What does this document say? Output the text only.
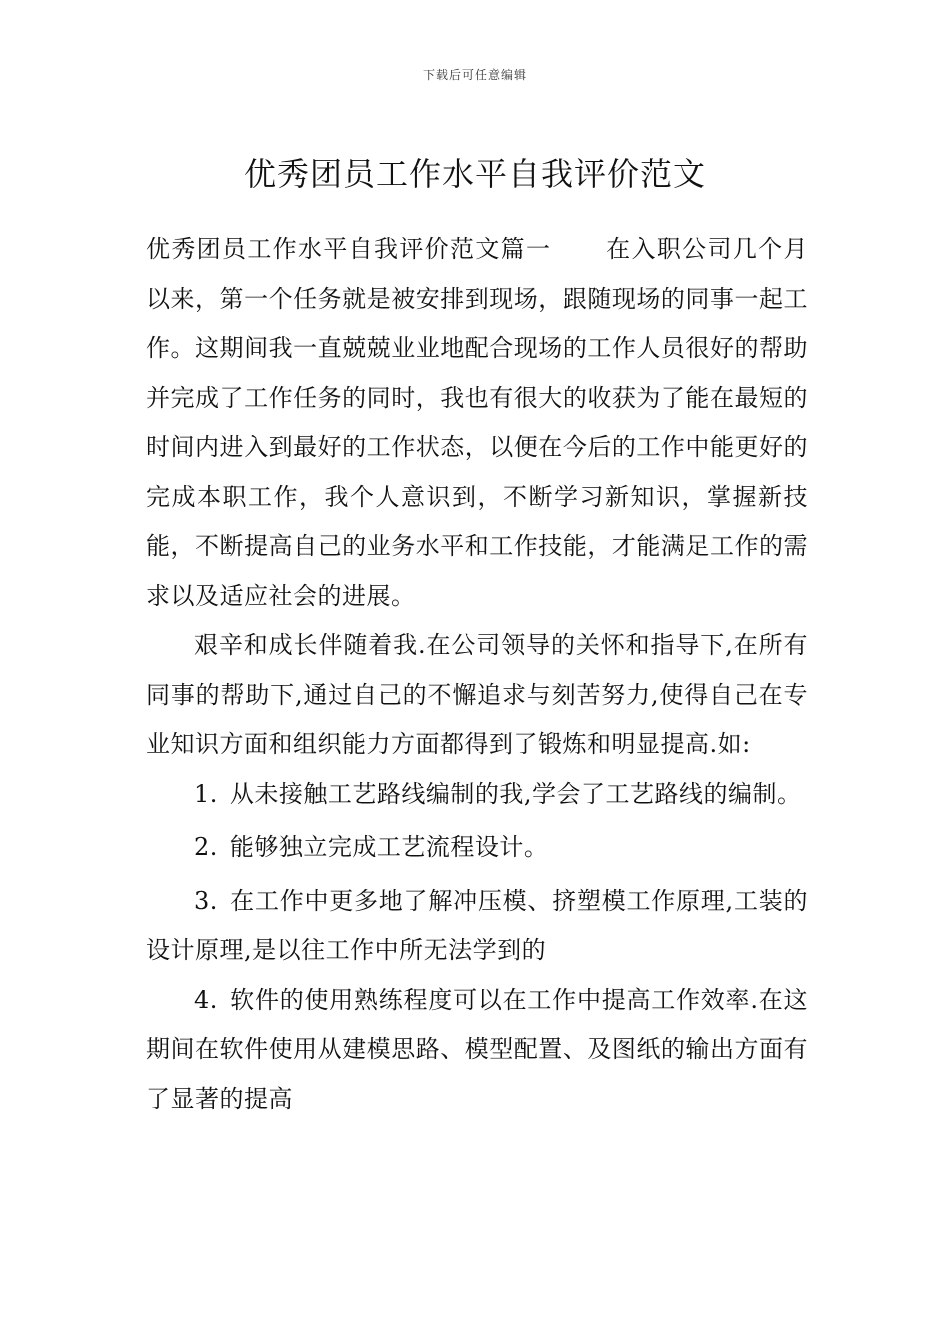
下载后可任意编辑
优秀团员工作水平自我评价范文

优秀团员工作水平自我评价范文篇一 在入职公司几个月以来，第一个任务就是被安排到现场，跟随现场的同事一起工作。这期间我一直兢兢业业地配合现场的工作人员很好的帮助并完成了工作任务的同时，我也有很大的收获为了能在最短的时间内进入到最好的工作状态，以便在今后的工作中能更好的完成本职工作，我个人意识到，不断学习新知识，掌握新技能，不断提高自己的业务水平和工作技能，才能满足工作的需求以及适应社会的进展。

艰辛和成长伴随着我.在公司领导的关怀和指导下,在所有同事的帮助下,通过自己的不懈追求与刻苦努力,使得自己在专业知识方面和组织能力方面都得到了锻炼和明显提高.如:

1. 从未接触工艺路线编制的我,学会了工艺路线的编制。

2. 能够独立完成工艺流程设计。

3. 在工作中更多地了解冲压模、挤塑模工作原理,工装的设计原理,是以往工作中所无法学到的

4. 软件的使用熟练程度可以在工作中提高工作效率.在这期间在软件使用从建模思路、模型配置、及图纸的输出方面有了显著的提高
